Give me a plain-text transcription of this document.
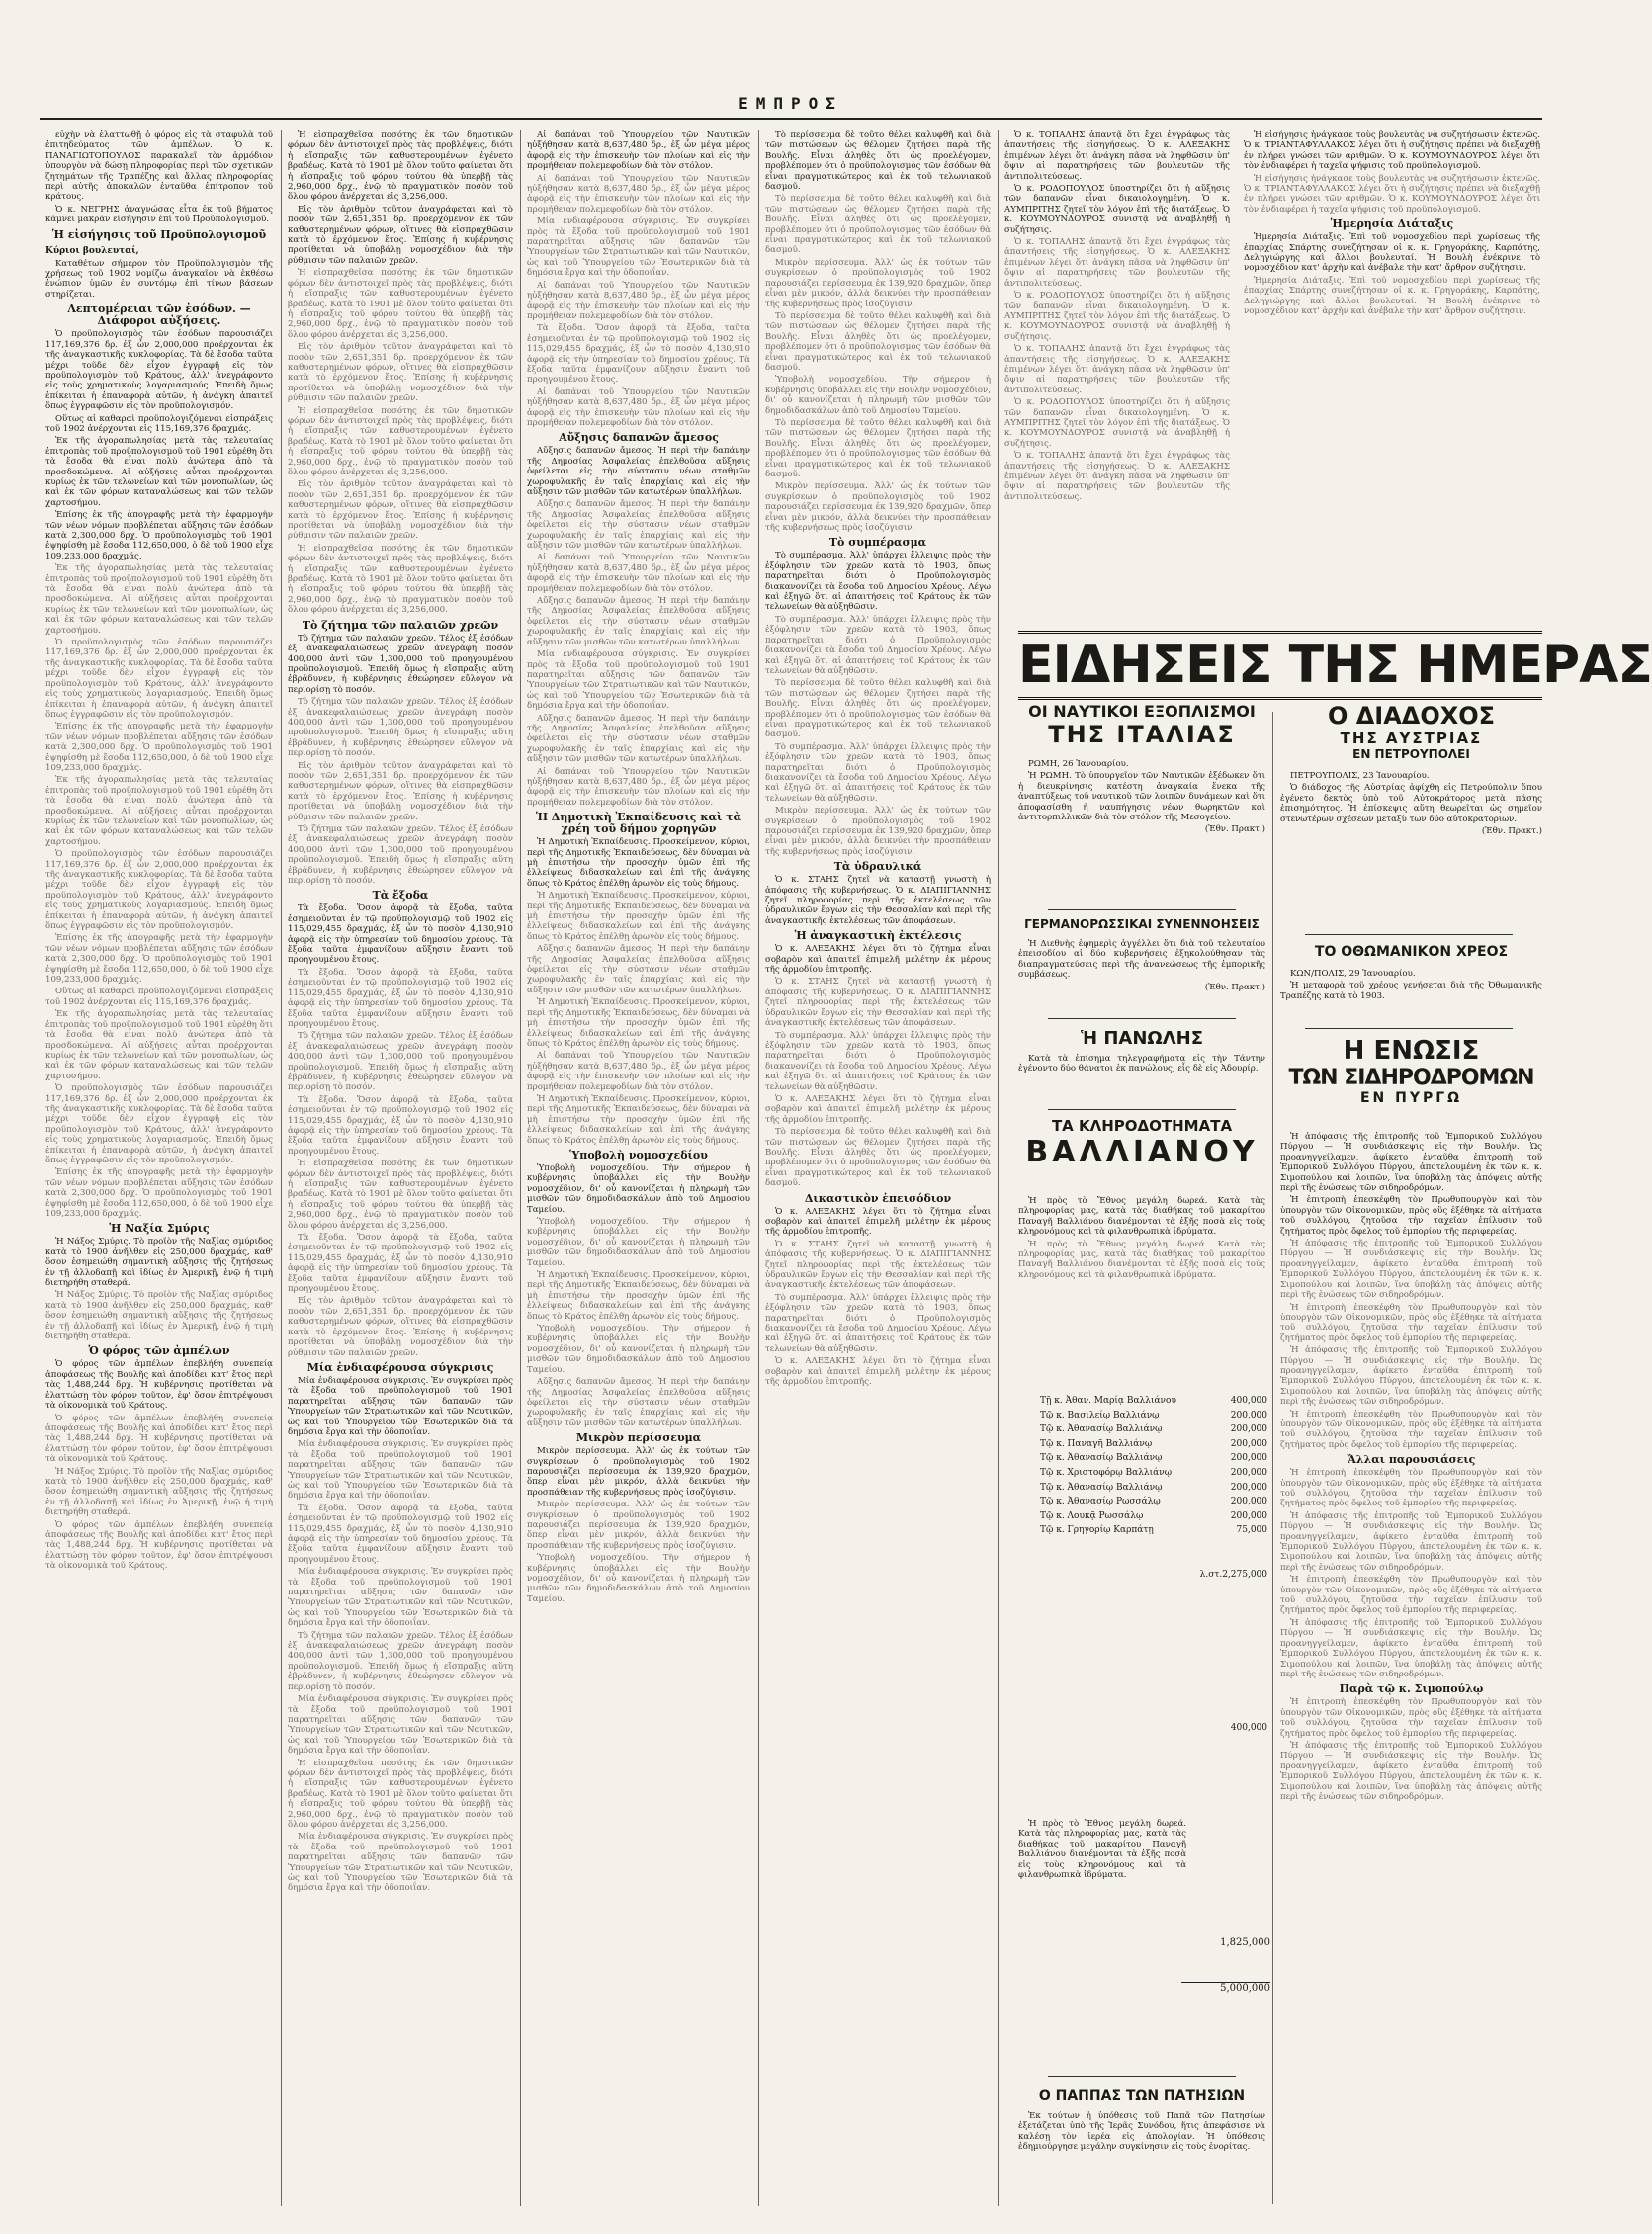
ΕΜΠΡΟΣ

εὐχὴν νὰ ἐλαττωθῇ ὁ φόρος εἰς τὰ σταφυλὰ τοῦ ἐπιτηδεύματος τῶν ἀμπέλων. Ὁ κ. ΠΑΝΑΓΙΩΤΟΠΟΥΛΟΣ παρακαλεῖ τὸν ἁρμόδιον ὑπουργὸν νὰ δώσῃ πληροφορίας περὶ τῶν σχετικῶν ζητημάτων τῆς Τραπέζης καὶ ἄλλας πληροφορίας περὶ αὐτῆς ἀποκαλῶν ἐνταῦθα ἐπίτροπον τοῦ κράτους.

Ὁ κ. ΝΕΓΡΗΣ ἀναγνώσας εἶτα ἐκ τοῦ βήματος κάμνει μακρὰν εἰσήγησιν ἐπὶ τοῦ Προϋπολογισμοῦ.

Ἡ εἰσήγησις τοῦ Προϋπολογισμοῦ
Κύριοι βουλευταί,

Καταθέτων σήμερον τὸν Προϋπολογισμὸν τῆς χρήσεως τοῦ 1902 νομίζω ἀναγκαῖον νὰ ἐκθέσω ἐνώπιον ὑμῶν ἐν συντόμῳ ἐπὶ τίνων βάσεων στηρίζεται.

Λεπτομέρειαι τῶν ἐσόδων. — Διάφοροι αὐξήσεις.

Ὁ προϋπολογισμὸς τῶν ἐσόδων παρουσιάζει 117,169,376 δρ. ἐξ ὧν 2,000,000 προέρχονται ἐκ τῆς ἀναγκαστικῆς κυκλοφορίας. Τὰ δὲ ἔσοδα ταῦτα μέχρι τοῦδε δὲν εἶχον ἐγγραφῆ εἰς τὸν προϋπολογισμὸν τοῦ Κράτους, ἀλλ' ἀνεγράφοντο εἰς τοὺς χρηματικοὺς λογαριασμούς. Ἐπειδὴ ὅμως ἐπίκειται ἡ ἐπαναφορὰ αὐτῶν, ἡ ἀνάγκη ἀπαιτεῖ ὅπως ἐγγραφῶσιν εἰς τὸν προϋπολογισμόν.

Οὕτως αἱ καθαραὶ προϋπολογιζόμεναι εἰσπράξεις τοῦ 1902 ἀνέρχονται εἰς 115,169,376 δραχμάς.

Ἐκ τῆς ἀγοραπωλησίας μετὰ τὰς τελευταίας ἐπιτροπὰς τοῦ προϋπολογισμοῦ τοῦ 1901 εὑρέθη ὅτι τὰ ἔσοδα θὰ εἶναι πολὺ ἀνώτερα ἀπὸ τὰ προσδοκώμενα. Αἱ αὐξήσεις αὗται προέρχονται κυρίως ἐκ τῶν τελωνείων καὶ τῶν μονοπωλίων, ὡς καὶ ἐκ τῶν φόρων καταναλώσεως καὶ τῶν τελῶν χαρτοσήμου.

Ἐπίσης ἐκ τῆς ἀπογραφῆς μετὰ τὴν ἐφαρμογὴν τῶν νέων νόμων προβλέπεται αὔξησις τῶν ἐσόδων κατὰ 2,300,000 δρχ. Ὁ προϋπολογισμὸς τοῦ 1901 ἐψηφίσθη μὲ ἔσοδα 112,650,000, ὁ δὲ τοῦ 1900 εἶχε 109,233,000 δραχμάς.

Ἐκ τῆς ἀγοραπωλησίας μετὰ τὰς τελευταίας ἐπιτροπὰς τοῦ προϋπολογισμοῦ τοῦ 1901 εὑρέθη ὅτι τὰ ἔσοδα θὰ εἶναι πολὺ ἀνώτερα ἀπὸ τὰ προσδοκώμενα. Αἱ αὐξήσεις αὗται προέρχονται κυρίως ἐκ τῶν τελωνείων καὶ τῶν μονοπωλίων, ὡς καὶ ἐκ τῶν φόρων καταναλώσεως καὶ τῶν τελῶν χαρτοσήμου.

Ὁ προϋπολογισμὸς τῶν ἐσόδων παρουσιάζει 117,169,376 δρ. ἐξ ὧν 2,000,000 προέρχονται ἐκ τῆς ἀναγκαστικῆς κυκλοφορίας. Τὰ δὲ ἔσοδα ταῦτα μέχρι τοῦδε δὲν εἶχον ἐγγραφῆ εἰς τὸν προϋπολογισμὸν τοῦ Κράτους, ἀλλ' ἀνεγράφοντο εἰς τοὺς χρηματικοὺς λογαριασμούς. Ἐπειδὴ ὅμως ἐπίκειται ἡ ἐπαναφορὰ αὐτῶν, ἡ ἀνάγκη ἀπαιτεῖ ὅπως ἐγγραφῶσιν εἰς τὸν προϋπολογισμόν.

Ἐπίσης ἐκ τῆς ἀπογραφῆς μετὰ τὴν ἐφαρμογὴν τῶν νέων νόμων προβλέπεται αὔξησις τῶν ἐσόδων κατὰ 2,300,000 δρχ. Ὁ προϋπολογισμὸς τοῦ 1901 ἐψηφίσθη μὲ ἔσοδα 112,650,000, ὁ δὲ τοῦ 1900 εἶχε 109,233,000 δραχμάς.

Ἐκ τῆς ἀγοραπωλησίας μετὰ τὰς τελευταίας ἐπιτροπὰς τοῦ προϋπολογισμοῦ τοῦ 1901 εὑρέθη ὅτι τὰ ἔσοδα θὰ εἶναι πολὺ ἀνώτερα ἀπὸ τὰ προσδοκώμενα. Αἱ αὐξήσεις αὗται προέρχονται κυρίως ἐκ τῶν τελωνείων καὶ τῶν μονοπωλίων, ὡς καὶ ἐκ τῶν φόρων καταναλώσεως καὶ τῶν τελῶν χαρτοσήμου.

Ὁ προϋπολογισμὸς τῶν ἐσόδων παρουσιάζει 117,169,376 δρ. ἐξ ὧν 2,000,000 προέρχονται ἐκ τῆς ἀναγκαστικῆς κυκλοφορίας. Τὰ δὲ ἔσοδα ταῦτα μέχρι τοῦδε δὲν εἶχον ἐγγραφῆ εἰς τὸν προϋπολογισμὸν τοῦ Κράτους, ἀλλ' ἀνεγράφοντο εἰς τοὺς χρηματικοὺς λογαριασμούς. Ἐπειδὴ ὅμως ἐπίκειται ἡ ἐπαναφορὰ αὐτῶν, ἡ ἀνάγκη ἀπαιτεῖ ὅπως ἐγγραφῶσιν εἰς τὸν προϋπολογισμόν.

Ἐπίσης ἐκ τῆς ἀπογραφῆς μετὰ τὴν ἐφαρμογὴν τῶν νέων νόμων προβλέπεται αὔξησις τῶν ἐσόδων κατὰ 2,300,000 δρχ. Ὁ προϋπολογισμὸς τοῦ 1901 ἐψηφίσθη μὲ ἔσοδα 112,650,000, ὁ δὲ τοῦ 1900 εἶχε 109,233,000 δραχμάς.

Οὕτως αἱ καθαραὶ προϋπολογιζόμεναι εἰσπράξεις τοῦ 1902 ἀνέρχονται εἰς 115,169,376 δραχμάς.

Ἐκ τῆς ἀγοραπωλησίας μετὰ τὰς τελευταίας ἐπιτροπὰς τοῦ προϋπολογισμοῦ τοῦ 1901 εὑρέθη ὅτι τὰ ἔσοδα θὰ εἶναι πολὺ ἀνώτερα ἀπὸ τὰ προσδοκώμενα. Αἱ αὐξήσεις αὗται προέρχονται κυρίως ἐκ τῶν τελωνείων καὶ τῶν μονοπωλίων, ὡς καὶ ἐκ τῶν φόρων καταναλώσεως καὶ τῶν τελῶν χαρτοσήμου.

Ὁ προϋπολογισμὸς τῶν ἐσόδων παρουσιάζει 117,169,376 δρ. ἐξ ὧν 2,000,000 προέρχονται ἐκ τῆς ἀναγκαστικῆς κυκλοφορίας. Τὰ δὲ ἔσοδα ταῦτα μέχρι τοῦδε δὲν εἶχον ἐγγραφῆ εἰς τὸν προϋπολογισμὸν τοῦ Κράτους, ἀλλ' ἀνεγράφοντο εἰς τοὺς χρηματικοὺς λογαριασμούς. Ἐπειδὴ ὅμως ἐπίκειται ἡ ἐπαναφορὰ αὐτῶν, ἡ ἀνάγκη ἀπαιτεῖ ὅπως ἐγγραφῶσιν εἰς τὸν προϋπολογισμόν.

Ἐπίσης ἐκ τῆς ἀπογραφῆς μετὰ τὴν ἐφαρμογὴν τῶν νέων νόμων προβλέπεται αὔξησις τῶν ἐσόδων κατὰ 2,300,000 δρχ. Ὁ προϋπολογισμὸς τοῦ 1901 ἐψηφίσθη μὲ ἔσοδα 112,650,000, ὁ δὲ τοῦ 1900 εἶχε 109,233,000 δραχμάς.

Ἡ Ναξία Σμύρις

Ἡ Νάξος Σμύρις. Τὸ προϊὸν τῆς Ναξίας σμύριδος κατὰ τὸ 1900 ἀνῆλθεν εἰς 250,000 δραχμάς, καθ' ὅσον ἐσημειώθη σημαντικὴ αὔξησις τῆς ζητήσεως ἐν τῇ ἀλλοδαπῇ καὶ ἰδίως ἐν Ἀμερικῇ, ἐνῷ ἡ τιμὴ διετηρήθη σταθερά.

Ἡ Νάξος Σμύρις. Τὸ προϊὸν τῆς Ναξίας σμύριδος κατὰ τὸ 1900 ἀνῆλθεν εἰς 250,000 δραχμάς, καθ' ὅσον ἐσημειώθη σημαντικὴ αὔξησις τῆς ζητήσεως ἐν τῇ ἀλλοδαπῇ καὶ ἰδίως ἐν Ἀμερικῇ, ἐνῷ ἡ τιμὴ διετηρήθη σταθερά.

Ὁ φόρος τῶν ἀμπέλων

Ὁ φόρος τῶν ἀμπέλων ἐπεβλήθη συνεπείᾳ ἀποφάσεως τῆς Βουλῆς καὶ ἀποδίδει κατ' ἔτος περὶ τὰς 1,488,244 δρχ. Ἡ κυβέρνησις προτίθεται νὰ ἐλαττώσῃ τὸν φόρον τοῦτον, ἐφ' ὅσον ἐπιτρέψουσι τὰ οἰκονομικὰ τοῦ Κράτους.

Ὁ φόρος τῶν ἀμπέλων ἐπεβλήθη συνεπείᾳ ἀποφάσεως τῆς Βουλῆς καὶ ἀποδίδει κατ' ἔτος περὶ τὰς 1,488,244 δρχ. Ἡ κυβέρνησις προτίθεται νὰ ἐλαττώσῃ τὸν φόρον τοῦτον, ἐφ' ὅσον ἐπιτρέψουσι τὰ οἰκονομικὰ τοῦ Κράτους.

Ἡ Νάξος Σμύρις. Τὸ προϊὸν τῆς Ναξίας σμύριδος κατὰ τὸ 1900 ἀνῆλθεν εἰς 250,000 δραχμάς, καθ' ὅσον ἐσημειώθη σημαντικὴ αὔξησις τῆς ζητήσεως ἐν τῇ ἀλλοδαπῇ καὶ ἰδίως ἐν Ἀμερικῇ, ἐνῷ ἡ τιμὴ διετηρήθη σταθερά.

Ὁ φόρος τῶν ἀμπέλων ἐπεβλήθη συνεπείᾳ ἀποφάσεως τῆς Βουλῆς καὶ ἀποδίδει κατ' ἔτος περὶ τὰς 1,488,244 δρχ. Ἡ κυβέρνησις προτίθεται νὰ ἐλαττώσῃ τὸν φόρον τοῦτον, ἐφ' ὅσον ἐπιτρέψουσι τὰ οἰκονομικὰ τοῦ Κράτους.

Ἡ εἰσπραχθεῖσα ποσότης ἐκ τῶν δημοτικῶν φόρων δὲν ἀντιστοιχεῖ πρὸς τὰς προβλέψεις, διότι ἡ εἴσπραξις τῶν καθυστερουμένων ἐγένετο βραδέως. Κατὰ τὸ 1901 μὲ ὅλον τοῦτο φαίνεται ὅτι ἡ εἴσπραξις τοῦ φόρου τούτου θὰ ὑπερβῇ τὰς 2,960,000 δρχ., ἐνῷ τὸ πραγματικὸν ποσὸν τοῦ ὅλου φόρου ἀνέρχεται εἰς 3,256,000.

Εἰς τὸν ἀριθμὸν τοῦτον ἀναγράφεται καὶ τὸ ποσὸν τῶν 2,651,351 δρ. προερχόμενον ἐκ τῶν καθυστερημένων φόρων, οἵτινες θὰ εἰσπραχθῶσιν κατὰ τὸ ἐρχόμενον ἔτος. Ἐπίσης ἡ κυβέρνησις προτίθεται νὰ ὑποβάλῃ νομοσχέδιον διὰ τὴν ρύθμισιν τῶν παλαιῶν χρεῶν.

Ἡ εἰσπραχθεῖσα ποσότης ἐκ τῶν δημοτικῶν φόρων δὲν ἀντιστοιχεῖ πρὸς τὰς προβλέψεις, διότι ἡ εἴσπραξις τῶν καθυστερουμένων ἐγένετο βραδέως. Κατὰ τὸ 1901 μὲ ὅλον τοῦτο φαίνεται ὅτι ἡ εἴσπραξις τοῦ φόρου τούτου θὰ ὑπερβῇ τὰς 2,960,000 δρχ., ἐνῷ τὸ πραγματικὸν ποσὸν τοῦ ὅλου φόρου ἀνέρχεται εἰς 3,256,000.

Εἰς τὸν ἀριθμὸν τοῦτον ἀναγράφεται καὶ τὸ ποσὸν τῶν 2,651,351 δρ. προερχόμενον ἐκ τῶν καθυστερημένων φόρων, οἵτινες θὰ εἰσπραχθῶσιν κατὰ τὸ ἐρχόμενον ἔτος. Ἐπίσης ἡ κυβέρνησις προτίθεται νὰ ὑποβάλῃ νομοσχέδιον διὰ τὴν ρύθμισιν τῶν παλαιῶν χρεῶν.

Ἡ εἰσπραχθεῖσα ποσότης ἐκ τῶν δημοτικῶν φόρων δὲν ἀντιστοιχεῖ πρὸς τὰς προβλέψεις, διότι ἡ εἴσπραξις τῶν καθυστερουμένων ἐγένετο βραδέως. Κατὰ τὸ 1901 μὲ ὅλον τοῦτο φαίνεται ὅτι ἡ εἴσπραξις τοῦ φόρου τούτου θὰ ὑπερβῇ τὰς 2,960,000 δρχ., ἐνῷ τὸ πραγματικὸν ποσὸν τοῦ ὅλου φόρου ἀνέρχεται εἰς 3,256,000.

Εἰς τὸν ἀριθμὸν τοῦτον ἀναγράφεται καὶ τὸ ποσὸν τῶν 2,651,351 δρ. προερχόμενον ἐκ τῶν καθυστερημένων φόρων, οἵτινες θὰ εἰσπραχθῶσιν κατὰ τὸ ἐρχόμενον ἔτος. Ἐπίσης ἡ κυβέρνησις προτίθεται νὰ ὑποβάλῃ νομοσχέδιον διὰ τὴν ρύθμισιν τῶν παλαιῶν χρεῶν.

Ἡ εἰσπραχθεῖσα ποσότης ἐκ τῶν δημοτικῶν φόρων δὲν ἀντιστοιχεῖ πρὸς τὰς προβλέψεις, διότι ἡ εἴσπραξις τῶν καθυστερουμένων ἐγένετο βραδέως. Κατὰ τὸ 1901 μὲ ὅλον τοῦτο φαίνεται ὅτι ἡ εἴσπραξις τοῦ φόρου τούτου θὰ ὑπερβῇ τὰς 2,960,000 δρχ., ἐνῷ τὸ πραγματικὸν ποσὸν τοῦ ὅλου φόρου ἀνέρχεται εἰς 3,256,000.

Τὸ ζήτημα τῶν παλαιῶν χρεῶν

Τὸ ζήτημα τῶν παλαιῶν χρεῶν. Τέλος ἐξ ἐσόδων ἐξ ἀνακεφαλαιώσεως χρεῶν ἀνεγράφη ποσὸν 400,000 ἀντὶ τῶν 1,300,000 τοῦ προηγουμένου προϋπολογισμοῦ. Ἐπειδὴ ὅμως ἡ εἴσπραξις αὕτη ἐβράδυνεν, ἡ κυβέρνησις ἐθεώρησεν εὔλογον νὰ περιορίσῃ τὸ ποσόν.

Τὸ ζήτημα τῶν παλαιῶν χρεῶν. Τέλος ἐξ ἐσόδων ἐξ ἀνακεφαλαιώσεως χρεῶν ἀνεγράφη ποσὸν 400,000 ἀντὶ τῶν 1,300,000 τοῦ προηγουμένου προϋπολογισμοῦ. Ἐπειδὴ ὅμως ἡ εἴσπραξις αὕτη ἐβράδυνεν, ἡ κυβέρνησις ἐθεώρησεν εὔλογον νὰ περιορίσῃ τὸ ποσόν.

Εἰς τὸν ἀριθμὸν τοῦτον ἀναγράφεται καὶ τὸ ποσὸν τῶν 2,651,351 δρ. προερχόμενον ἐκ τῶν καθυστερημένων φόρων, οἵτινες θὰ εἰσπραχθῶσιν κατὰ τὸ ἐρχόμενον ἔτος. Ἐπίσης ἡ κυβέρνησις προτίθεται νὰ ὑποβάλῃ νομοσχέδιον διὰ τὴν ρύθμισιν τῶν παλαιῶν χρεῶν.

Τὸ ζήτημα τῶν παλαιῶν χρεῶν. Τέλος ἐξ ἐσόδων ἐξ ἀνακεφαλαιώσεως χρεῶν ἀνεγράφη ποσὸν 400,000 ἀντὶ τῶν 1,300,000 τοῦ προηγουμένου προϋπολογισμοῦ. Ἐπειδὴ ὅμως ἡ εἴσπραξις αὕτη ἐβράδυνεν, ἡ κυβέρνησις ἐθεώρησεν εὔλογον νὰ περιορίσῃ τὸ ποσόν.

Τὰ ἔξοδα

Τὰ ἔξοδα. Ὅσον ἀφορᾷ τὰ ἔξοδα, ταῦτα ἐσημειοῦνται ἐν τῷ προϋπολογισμῷ τοῦ 1902 εἰς 115,029,455 δραχμάς, ἐξ ὧν τὸ ποσὸν 4,130,910 ἀφορᾷ εἰς τὴν ὑπηρεσίαν τοῦ δημοσίου χρέους. Τὰ ἔξοδα ταῦτα ἐμφανίζουν αὔξησιν ἔναντι τοῦ προηγουμένου ἔτους.

Τὰ ἔξοδα. Ὅσον ἀφορᾷ τὰ ἔξοδα, ταῦτα ἐσημειοῦνται ἐν τῷ προϋπολογισμῷ τοῦ 1902 εἰς 115,029,455 δραχμάς, ἐξ ὧν τὸ ποσὸν 4,130,910 ἀφορᾷ εἰς τὴν ὑπηρεσίαν τοῦ δημοσίου χρέους. Τὰ ἔξοδα ταῦτα ἐμφανίζουν αὔξησιν ἔναντι τοῦ προηγουμένου ἔτους.

Τὸ ζήτημα τῶν παλαιῶν χρεῶν. Τέλος ἐξ ἐσόδων ἐξ ἀνακεφαλαιώσεως χρεῶν ἀνεγράφη ποσὸν 400,000 ἀντὶ τῶν 1,300,000 τοῦ προηγουμένου προϋπολογισμοῦ. Ἐπειδὴ ὅμως ἡ εἴσπραξις αὕτη ἐβράδυνεν, ἡ κυβέρνησις ἐθεώρησεν εὔλογον νὰ περιορίσῃ τὸ ποσόν.

Τὰ ἔξοδα. Ὅσον ἀφορᾷ τὰ ἔξοδα, ταῦτα ἐσημειοῦνται ἐν τῷ προϋπολογισμῷ τοῦ 1902 εἰς 115,029,455 δραχμάς, ἐξ ὧν τὸ ποσὸν 4,130,910 ἀφορᾷ εἰς τὴν ὑπηρεσίαν τοῦ δημοσίου χρέους. Τὰ ἔξοδα ταῦτα ἐμφανίζουν αὔξησιν ἔναντι τοῦ προηγουμένου ἔτους.

Ἡ εἰσπραχθεῖσα ποσότης ἐκ τῶν δημοτικῶν φόρων δὲν ἀντιστοιχεῖ πρὸς τὰς προβλέψεις, διότι ἡ εἴσπραξις τῶν καθυστερουμένων ἐγένετο βραδέως. Κατὰ τὸ 1901 μὲ ὅλον τοῦτο φαίνεται ὅτι ἡ εἴσπραξις τοῦ φόρου τούτου θὰ ὑπερβῇ τὰς 2,960,000 δρχ., ἐνῷ τὸ πραγματικὸν ποσὸν τοῦ ὅλου φόρου ἀνέρχεται εἰς 3,256,000.

Τὰ ἔξοδα. Ὅσον ἀφορᾷ τὰ ἔξοδα, ταῦτα ἐσημειοῦνται ἐν τῷ προϋπολογισμῷ τοῦ 1902 εἰς 115,029,455 δραχμάς, ἐξ ὧν τὸ ποσὸν 4,130,910 ἀφορᾷ εἰς τὴν ὑπηρεσίαν τοῦ δημοσίου χρέους. Τὰ ἔξοδα ταῦτα ἐμφανίζουν αὔξησιν ἔναντι τοῦ προηγουμένου ἔτους.

Εἰς τὸν ἀριθμὸν τοῦτον ἀναγράφεται καὶ τὸ ποσὸν τῶν 2,651,351 δρ. προερχόμενον ἐκ τῶν καθυστερημένων φόρων, οἵτινες θὰ εἰσπραχθῶσιν κατὰ τὸ ἐρχόμενον ἔτος. Ἐπίσης ἡ κυβέρνησις προτίθεται νὰ ὑποβάλῃ νομοσχέδιον διὰ τὴν ρύθμισιν τῶν παλαιῶν χρεῶν.

Μία ἐνδιαφέρουσα σύγκρισις

Μία ἐνδιαφέρουσα σύγκρισις. Ἐν συγκρίσει πρὸς τὰ ἔξοδα τοῦ προϋπολογισμοῦ τοῦ 1901 παρατηρεῖται αὔξησις τῶν δαπανῶν τῶν Ὑπουργείων τῶν Στρατιωτικῶν καὶ τῶν Ναυτικῶν, ὡς καὶ τοῦ Ὑπουργείου τῶν Ἐσωτερικῶν διὰ τὰ δημόσια ἔργα καὶ τὴν ὁδοποιΐαν.

Μία ἐνδιαφέρουσα σύγκρισις. Ἐν συγκρίσει πρὸς τὰ ἔξοδα τοῦ προϋπολογισμοῦ τοῦ 1901 παρατηρεῖται αὔξησις τῶν δαπανῶν τῶν Ὑπουργείων τῶν Στρατιωτικῶν καὶ τῶν Ναυτικῶν, ὡς καὶ τοῦ Ὑπουργείου τῶν Ἐσωτερικῶν διὰ τὰ δημόσια ἔργα καὶ τὴν ὁδοποιΐαν.

Τὰ ἔξοδα. Ὅσον ἀφορᾷ τὰ ἔξοδα, ταῦτα ἐσημειοῦνται ἐν τῷ προϋπολογισμῷ τοῦ 1902 εἰς 115,029,455 δραχμάς, ἐξ ὧν τὸ ποσὸν 4,130,910 ἀφορᾷ εἰς τὴν ὑπηρεσίαν τοῦ δημοσίου χρέους. Τὰ ἔξοδα ταῦτα ἐμφανίζουν αὔξησιν ἔναντι τοῦ προηγουμένου ἔτους.

Μία ἐνδιαφέρουσα σύγκρισις. Ἐν συγκρίσει πρὸς τὰ ἔξοδα τοῦ προϋπολογισμοῦ τοῦ 1901 παρατηρεῖται αὔξησις τῶν δαπανῶν τῶν Ὑπουργείων τῶν Στρατιωτικῶν καὶ τῶν Ναυτικῶν, ὡς καὶ τοῦ Ὑπουργείου τῶν Ἐσωτερικῶν διὰ τὰ δημόσια ἔργα καὶ τὴν ὁδοποιΐαν.

Τὸ ζήτημα τῶν παλαιῶν χρεῶν. Τέλος ἐξ ἐσόδων ἐξ ἀνακεφαλαιώσεως χρεῶν ἀνεγράφη ποσὸν 400,000 ἀντὶ τῶν 1,300,000 τοῦ προηγουμένου προϋπολογισμοῦ. Ἐπειδὴ ὅμως ἡ εἴσπραξις αὕτη ἐβράδυνεν, ἡ κυβέρνησις ἐθεώρησεν εὔλογον νὰ περιορίσῃ τὸ ποσόν.

Μία ἐνδιαφέρουσα σύγκρισις. Ἐν συγκρίσει πρὸς τὰ ἔξοδα τοῦ προϋπολογισμοῦ τοῦ 1901 παρατηρεῖται αὔξησις τῶν δαπανῶν τῶν Ὑπουργείων τῶν Στρατιωτικῶν καὶ τῶν Ναυτικῶν, ὡς καὶ τοῦ Ὑπουργείου τῶν Ἐσωτερικῶν διὰ τὰ δημόσια ἔργα καὶ τὴν ὁδοποιΐαν.

Ἡ εἰσπραχθεῖσα ποσότης ἐκ τῶν δημοτικῶν φόρων δὲν ἀντιστοιχεῖ πρὸς τὰς προβλέψεις, διότι ἡ εἴσπραξις τῶν καθυστερουμένων ἐγένετο βραδέως. Κατὰ τὸ 1901 μὲ ὅλον τοῦτο φαίνεται ὅτι ἡ εἴσπραξις τοῦ φόρου τούτου θὰ ὑπερβῇ τὰς 2,960,000 δρχ., ἐνῷ τὸ πραγματικὸν ποσὸν τοῦ ὅλου φόρου ἀνέρχεται εἰς 3,256,000.

Μία ἐνδιαφέρουσα σύγκρισις. Ἐν συγκρίσει πρὸς τὰ ἔξοδα τοῦ προϋπολογισμοῦ τοῦ 1901 παρατηρεῖται αὔξησις τῶν δαπανῶν τῶν Ὑπουργείων τῶν Στρατιωτικῶν καὶ τῶν Ναυτικῶν, ὡς καὶ τοῦ Ὑπουργείου τῶν Ἐσωτερικῶν διὰ τὰ δημόσια ἔργα καὶ τὴν ὁδοποιΐαν.

Αἱ δαπάναι τοῦ Ὑπουργείου τῶν Ναυτικῶν ηὐξήθησαν κατὰ 8,637,480 δρ., ἐξ ὧν μέγα μέρος ἀφορᾷ εἰς τὴν ἐπισκευὴν τῶν πλοίων καὶ εἰς τὴν προμήθειαν πολεμεφοδίων διὰ τὸν στόλον.

Αἱ δαπάναι τοῦ Ὑπουργείου τῶν Ναυτικῶν ηὐξήθησαν κατὰ 8,637,480 δρ., ἐξ ὧν μέγα μέρος ἀφορᾷ εἰς τὴν ἐπισκευὴν τῶν πλοίων καὶ εἰς τὴν προμήθειαν πολεμεφοδίων διὰ τὸν στόλον.

Μία ἐνδιαφέρουσα σύγκρισις. Ἐν συγκρίσει πρὸς τὰ ἔξοδα τοῦ προϋπολογισμοῦ τοῦ 1901 παρατηρεῖται αὔξησις τῶν δαπανῶν τῶν Ὑπουργείων τῶν Στρατιωτικῶν καὶ τῶν Ναυτικῶν, ὡς καὶ τοῦ Ὑπουργείου τῶν Ἐσωτερικῶν διὰ τὰ δημόσια ἔργα καὶ τὴν ὁδοποιΐαν.

Αἱ δαπάναι τοῦ Ὑπουργείου τῶν Ναυτικῶν ηὐξήθησαν κατὰ 8,637,480 δρ., ἐξ ὧν μέγα μέρος ἀφορᾷ εἰς τὴν ἐπισκευὴν τῶν πλοίων καὶ εἰς τὴν προμήθειαν πολεμεφοδίων διὰ τὸν στόλον.

Τὰ ἔξοδα. Ὅσον ἀφορᾷ τὰ ἔξοδα, ταῦτα ἐσημειοῦνται ἐν τῷ προϋπολογισμῷ τοῦ 1902 εἰς 115,029,455 δραχμάς, ἐξ ὧν τὸ ποσὸν 4,130,910 ἀφορᾷ εἰς τὴν ὑπηρεσίαν τοῦ δημοσίου χρέους. Τὰ ἔξοδα ταῦτα ἐμφανίζουν αὔξησιν ἔναντι τοῦ προηγουμένου ἔτους.

Αἱ δαπάναι τοῦ Ὑπουργείου τῶν Ναυτικῶν ηὐξήθησαν κατὰ 8,637,480 δρ., ἐξ ὧν μέγα μέρος ἀφορᾷ εἰς τὴν ἐπισκευὴν τῶν πλοίων καὶ εἰς τὴν προμήθειαν πολεμεφοδίων διὰ τὸν στόλον.

Αὔξησις δαπανῶν ἄμεσος

Αὔξησις δαπανῶν ἄμεσος. Ἡ περὶ τὴν δαπάνην τῆς Δημοσίας Ἀσφαλείας ἐπελθοῦσα αὔξησις ὀφείλεται εἰς τὴν σύστασιν νέων σταθμῶν χωροφυλακῆς ἐν ταῖς ἐπαρχίαις καὶ εἰς τὴν αὔξησιν τῶν μισθῶν τῶν κατωτέρων ὑπαλλήλων.

Αὔξησις δαπανῶν ἄμεσος. Ἡ περὶ τὴν δαπάνην τῆς Δημοσίας Ἀσφαλείας ἐπελθοῦσα αὔξησις ὀφείλεται εἰς τὴν σύστασιν νέων σταθμῶν χωροφυλακῆς ἐν ταῖς ἐπαρχίαις καὶ εἰς τὴν αὔξησιν τῶν μισθῶν τῶν κατωτέρων ὑπαλλήλων.

Αἱ δαπάναι τοῦ Ὑπουργείου τῶν Ναυτικῶν ηὐξήθησαν κατὰ 8,637,480 δρ., ἐξ ὧν μέγα μέρος ἀφορᾷ εἰς τὴν ἐπισκευὴν τῶν πλοίων καὶ εἰς τὴν προμήθειαν πολεμεφοδίων διὰ τὸν στόλον.

Αὔξησις δαπανῶν ἄμεσος. Ἡ περὶ τὴν δαπάνην τῆς Δημοσίας Ἀσφαλείας ἐπελθοῦσα αὔξησις ὀφείλεται εἰς τὴν σύστασιν νέων σταθμῶν χωροφυλακῆς ἐν ταῖς ἐπαρχίαις καὶ εἰς τὴν αὔξησιν τῶν μισθῶν τῶν κατωτέρων ὑπαλλήλων.

Μία ἐνδιαφέρουσα σύγκρισις. Ἐν συγκρίσει πρὸς τὰ ἔξοδα τοῦ προϋπολογισμοῦ τοῦ 1901 παρατηρεῖται αὔξησις τῶν δαπανῶν τῶν Ὑπουργείων τῶν Στρατιωτικῶν καὶ τῶν Ναυτικῶν, ὡς καὶ τοῦ Ὑπουργείου τῶν Ἐσωτερικῶν διὰ τὰ δημόσια ἔργα καὶ τὴν ὁδοποιΐαν.

Αὔξησις δαπανῶν ἄμεσος. Ἡ περὶ τὴν δαπάνην τῆς Δημοσίας Ἀσφαλείας ἐπελθοῦσα αὔξησις ὀφείλεται εἰς τὴν σύστασιν νέων σταθμῶν χωροφυλακῆς ἐν ταῖς ἐπαρχίαις καὶ εἰς τὴν αὔξησιν τῶν μισθῶν τῶν κατωτέρων ὑπαλλήλων.

Αἱ δαπάναι τοῦ Ὑπουργείου τῶν Ναυτικῶν ηὐξήθησαν κατὰ 8,637,480 δρ., ἐξ ὧν μέγα μέρος ἀφορᾷ εἰς τὴν ἐπισκευὴν τῶν πλοίων καὶ εἰς τὴν προμήθειαν πολεμεφοδίων διὰ τὸν στόλον.

Ἡ Δημοτικὴ Ἐκπαίδευσις καὶ τὰ χρέη τοῦ δήμου χορηγῶν

Ἡ Δημοτικὴ Ἐκπαίδευσις. Προσκείμενον, κύριοι, περὶ τῆς Δημοτικῆς Ἐκπαιδεύσεως, δὲν δύναμαι νὰ μὴ ἐπιστήσω τὴν προσοχὴν ὑμῶν ἐπὶ τῆς ἐλλείψεως διδασκαλείων καὶ ἐπὶ τῆς ἀνάγκης ὅπως τὸ Κράτος ἐπέλθῃ ἀρωγὸν εἰς τοὺς δήμους.

Ἡ Δημοτικὴ Ἐκπαίδευσις. Προσκείμενον, κύριοι, περὶ τῆς Δημοτικῆς Ἐκπαιδεύσεως, δὲν δύναμαι νὰ μὴ ἐπιστήσω τὴν προσοχὴν ὑμῶν ἐπὶ τῆς ἐλλείψεως διδασκαλείων καὶ ἐπὶ τῆς ἀνάγκης ὅπως τὸ Κράτος ἐπέλθῃ ἀρωγὸν εἰς τοὺς δήμους.

Αὔξησις δαπανῶν ἄμεσος. Ἡ περὶ τὴν δαπάνην τῆς Δημοσίας Ἀσφαλείας ἐπελθοῦσα αὔξησις ὀφείλεται εἰς τὴν σύστασιν νέων σταθμῶν χωροφυλακῆς ἐν ταῖς ἐπαρχίαις καὶ εἰς τὴν αὔξησιν τῶν μισθῶν τῶν κατωτέρων ὑπαλλήλων.

Ἡ Δημοτικὴ Ἐκπαίδευσις. Προσκείμενον, κύριοι, περὶ τῆς Δημοτικῆς Ἐκπαιδεύσεως, δὲν δύναμαι νὰ μὴ ἐπιστήσω τὴν προσοχὴν ὑμῶν ἐπὶ τῆς ἐλλείψεως διδασκαλείων καὶ ἐπὶ τῆς ἀνάγκης ὅπως τὸ Κράτος ἐπέλθῃ ἀρωγὸν εἰς τοὺς δήμους.

Αἱ δαπάναι τοῦ Ὑπουργείου τῶν Ναυτικῶν ηὐξήθησαν κατὰ 8,637,480 δρ., ἐξ ὧν μέγα μέρος ἀφορᾷ εἰς τὴν ἐπισκευὴν τῶν πλοίων καὶ εἰς τὴν προμήθειαν πολεμεφοδίων διὰ τὸν στόλον.

Ἡ Δημοτικὴ Ἐκπαίδευσις. Προσκείμενον, κύριοι, περὶ τῆς Δημοτικῆς Ἐκπαιδεύσεως, δὲν δύναμαι νὰ μὴ ἐπιστήσω τὴν προσοχὴν ὑμῶν ἐπὶ τῆς ἐλλείψεως διδασκαλείων καὶ ἐπὶ τῆς ἀνάγκης ὅπως τὸ Κράτος ἐπέλθῃ ἀρωγὸν εἰς τοὺς δήμους.

Ὑποβολὴ νομοσχεδίου

Ὑποβολὴ νομοσχεδίου. Τὴν σήμερον ἡ κυβέρνησις ὑποβάλλει εἰς τὴν Βουλὴν νομοσχέδιον, δι' οὗ κανονίζεται ἡ πληρωμὴ τῶν μισθῶν τῶν δημοδιδασκάλων ἀπὸ τοῦ Δημοσίου Ταμείου.

Ὑποβολὴ νομοσχεδίου. Τὴν σήμερον ἡ κυβέρνησις ὑποβάλλει εἰς τὴν Βουλὴν νομοσχέδιον, δι' οὗ κανονίζεται ἡ πληρωμὴ τῶν μισθῶν τῶν δημοδιδασκάλων ἀπὸ τοῦ Δημοσίου Ταμείου.

Ἡ Δημοτικὴ Ἐκπαίδευσις. Προσκείμενον, κύριοι, περὶ τῆς Δημοτικῆς Ἐκπαιδεύσεως, δὲν δύναμαι νὰ μὴ ἐπιστήσω τὴν προσοχὴν ὑμῶν ἐπὶ τῆς ἐλλείψεως διδασκαλείων καὶ ἐπὶ τῆς ἀνάγκης ὅπως τὸ Κράτος ἐπέλθῃ ἀρωγὸν εἰς τοὺς δήμους.

Ὑποβολὴ νομοσχεδίου. Τὴν σήμερον ἡ κυβέρνησις ὑποβάλλει εἰς τὴν Βουλὴν νομοσχέδιον, δι' οὗ κανονίζεται ἡ πληρωμὴ τῶν μισθῶν τῶν δημοδιδασκάλων ἀπὸ τοῦ Δημοσίου Ταμείου.

Αὔξησις δαπανῶν ἄμεσος. Ἡ περὶ τὴν δαπάνην τῆς Δημοσίας Ἀσφαλείας ἐπελθοῦσα αὔξησις ὀφείλεται εἰς τὴν σύστασιν νέων σταθμῶν χωροφυλακῆς ἐν ταῖς ἐπαρχίαις καὶ εἰς τὴν αὔξησιν τῶν μισθῶν τῶν κατωτέρων ὑπαλλήλων.

Μικρὸν περίσσευμα

Μικρὸν περίσσευμα. Ἀλλ' ὡς ἐκ τούτων τῶν συγκρίσεων ὁ προϋπολογισμὸς τοῦ 1902 παρουσιάζει περίσσευμα ἐκ 139,920 δραχμῶν, ὅπερ εἶναι μὲν μικρόν, ἀλλὰ δεικνύει τὴν προσπάθειαν τῆς κυβερνήσεως πρὸς ἰσοζύγισιν.

Μικρὸν περίσσευμα. Ἀλλ' ὡς ἐκ τούτων τῶν συγκρίσεων ὁ προϋπολογισμὸς τοῦ 1902 παρουσιάζει περίσσευμα ἐκ 139,920 δραχμῶν, ὅπερ εἶναι μὲν μικρόν, ἀλλὰ δεικνύει τὴν προσπάθειαν τῆς κυβερνήσεως πρὸς ἰσοζύγισιν.

Ὑποβολὴ νομοσχεδίου. Τὴν σήμερον ἡ κυβέρνησις ὑποβάλλει εἰς τὴν Βουλὴν νομοσχέδιον, δι' οὗ κανονίζεται ἡ πληρωμὴ τῶν μισθῶν τῶν δημοδιδασκάλων ἀπὸ τοῦ Δημοσίου Ταμείου.

Τὸ περίσσευμα δὲ τοῦτο θέλει καλυφθῆ καὶ διὰ τῶν πιστώσεων ὡς θέλομεν ζητήσει παρὰ τῆς Βουλῆς. Εἶναι ἀληθὲς ὅτι ὡς προελέγομεν, προβλέπομεν ὅτι ὁ προϋπολογισμὸς τῶν ἐσόδων θὰ εἶναι πραγματικώτερος καὶ ἐκ τοῦ τελωνιακοῦ δασμοῦ.

Τὸ περίσσευμα δὲ τοῦτο θέλει καλυφθῆ καὶ διὰ τῶν πιστώσεων ὡς θέλομεν ζητήσει παρὰ τῆς Βουλῆς. Εἶναι ἀληθὲς ὅτι ὡς προελέγομεν, προβλέπομεν ὅτι ὁ προϋπολογισμὸς τῶν ἐσόδων θὰ εἶναι πραγματικώτερος καὶ ἐκ τοῦ τελωνιακοῦ δασμοῦ.

Μικρὸν περίσσευμα. Ἀλλ' ὡς ἐκ τούτων τῶν συγκρίσεων ὁ προϋπολογισμὸς τοῦ 1902 παρουσιάζει περίσσευμα ἐκ 139,920 δραχμῶν, ὅπερ εἶναι μὲν μικρόν, ἀλλὰ δεικνύει τὴν προσπάθειαν τῆς κυβερνήσεως πρὸς ἰσοζύγισιν.

Τὸ περίσσευμα δὲ τοῦτο θέλει καλυφθῆ καὶ διὰ τῶν πιστώσεων ὡς θέλομεν ζητήσει παρὰ τῆς Βουλῆς. Εἶναι ἀληθὲς ὅτι ὡς προελέγομεν, προβλέπομεν ὅτι ὁ προϋπολογισμὸς τῶν ἐσόδων θὰ εἶναι πραγματικώτερος καὶ ἐκ τοῦ τελωνιακοῦ δασμοῦ.

Ὑποβολὴ νομοσχεδίου. Τὴν σήμερον ἡ κυβέρνησις ὑποβάλλει εἰς τὴν Βουλὴν νομοσχέδιον, δι' οὗ κανονίζεται ἡ πληρωμὴ τῶν μισθῶν τῶν δημοδιδασκάλων ἀπὸ τοῦ Δημοσίου Ταμείου.

Τὸ περίσσευμα δὲ τοῦτο θέλει καλυφθῆ καὶ διὰ τῶν πιστώσεων ὡς θέλομεν ζητήσει παρὰ τῆς Βουλῆς. Εἶναι ἀληθὲς ὅτι ὡς προελέγομεν, προβλέπομεν ὅτι ὁ προϋπολογισμὸς τῶν ἐσόδων θὰ εἶναι πραγματικώτερος καὶ ἐκ τοῦ τελωνιακοῦ δασμοῦ.

Μικρὸν περίσσευμα. Ἀλλ' ὡς ἐκ τούτων τῶν συγκρίσεων ὁ προϋπολογισμὸς τοῦ 1902 παρουσιάζει περίσσευμα ἐκ 139,920 δραχμῶν, ὅπερ εἶναι μὲν μικρόν, ἀλλὰ δεικνύει τὴν προσπάθειαν τῆς κυβερνήσεως πρὸς ἰσοζύγισιν.

Τὸ συμπέρασμα

Τὸ συμπέρασμα. Ἀλλ' ὑπάρχει ἔλλειψις πρὸς τὴν ἐξόφλησιν τῶν χρεῶν κατὰ τὸ 1903, ὅπως παρατηρεῖται διότι ὁ Προϋπολογισμὸς διακανονίζει τὰ ἔσοδα τοῦ Δημοσίου Χρέους. Λέγω καὶ ἐξηγῶ ὅτι αἱ ἀπαιτήσεις τοῦ Κράτους ἐκ τῶν τελωνείων θὰ αὐξηθῶσιν.

Τὸ συμπέρασμα. Ἀλλ' ὑπάρχει ἔλλειψις πρὸς τὴν ἐξόφλησιν τῶν χρεῶν κατὰ τὸ 1903, ὅπως παρατηρεῖται διότι ὁ Προϋπολογισμὸς διακανονίζει τὰ ἔσοδα τοῦ Δημοσίου Χρέους. Λέγω καὶ ἐξηγῶ ὅτι αἱ ἀπαιτήσεις τοῦ Κράτους ἐκ τῶν τελωνείων θὰ αὐξηθῶσιν.

Τὸ περίσσευμα δὲ τοῦτο θέλει καλυφθῆ καὶ διὰ τῶν πιστώσεων ὡς θέλομεν ζητήσει παρὰ τῆς Βουλῆς. Εἶναι ἀληθὲς ὅτι ὡς προελέγομεν, προβλέπομεν ὅτι ὁ προϋπολογισμὸς τῶν ἐσόδων θὰ εἶναι πραγματικώτερος καὶ ἐκ τοῦ τελωνιακοῦ δασμοῦ.

Τὸ συμπέρασμα. Ἀλλ' ὑπάρχει ἔλλειψις πρὸς τὴν ἐξόφλησιν τῶν χρεῶν κατὰ τὸ 1903, ὅπως παρατηρεῖται διότι ὁ Προϋπολογισμὸς διακανονίζει τὰ ἔσοδα τοῦ Δημοσίου Χρέους. Λέγω καὶ ἐξηγῶ ὅτι αἱ ἀπαιτήσεις τοῦ Κράτους ἐκ τῶν τελωνείων θὰ αὐξηθῶσιν.

Μικρὸν περίσσευμα. Ἀλλ' ὡς ἐκ τούτων τῶν συγκρίσεων ὁ προϋπολογισμὸς τοῦ 1902 παρουσιάζει περίσσευμα ἐκ 139,920 δραχμῶν, ὅπερ εἶναι μὲν μικρόν, ἀλλὰ δεικνύει τὴν προσπάθειαν τῆς κυβερνήσεως πρὸς ἰσοζύγισιν.

Τὰ ὑδραυλικά

Ὁ κ. ΣΤΑΗΣ ζητεῖ νὰ καταστῇ γνωστὴ ἡ ἀπόφασις τῆς κυβερνήσεως. Ὁ κ. ΔΙΑΠΙΓΙΑΝΝΗΣ ζητεῖ πληροφορίας περὶ τῆς ἐκτελέσεως τῶν ὑδραυλικῶν ἔργων εἰς τὴν Θεσσαλίαν καὶ περὶ τῆς ἀναγκαστικῆς ἐκτελέσεως τῶν ἀποφάσεων.

Ἡ ἀναγκαστικὴ ἐκτέλεσις

Ὁ κ. ΑΛΕΞΑΚΗΣ λέγει ὅτι τὸ ζήτημα εἶναι σοβαρὸν καὶ ἀπαιτεῖ ἐπιμελῆ μελέτην ἐκ μέρους τῆς ἁρμοδίου ἐπιτροπῆς.

Ὁ κ. ΣΤΑΗΣ ζητεῖ νὰ καταστῇ γνωστὴ ἡ ἀπόφασις τῆς κυβερνήσεως. Ὁ κ. ΔΙΑΠΙΓΙΑΝΝΗΣ ζητεῖ πληροφορίας περὶ τῆς ἐκτελέσεως τῶν ὑδραυλικῶν ἔργων εἰς τὴν Θεσσαλίαν καὶ περὶ τῆς ἀναγκαστικῆς ἐκτελέσεως τῶν ἀποφάσεων.

Τὸ συμπέρασμα. Ἀλλ' ὑπάρχει ἔλλειψις πρὸς τὴν ἐξόφλησιν τῶν χρεῶν κατὰ τὸ 1903, ὅπως παρατηρεῖται διότι ὁ Προϋπολογισμὸς διακανονίζει τὰ ἔσοδα τοῦ Δημοσίου Χρέους. Λέγω καὶ ἐξηγῶ ὅτι αἱ ἀπαιτήσεις τοῦ Κράτους ἐκ τῶν τελωνείων θὰ αὐξηθῶσιν.

Ὁ κ. ΑΛΕΞΑΚΗΣ λέγει ὅτι τὸ ζήτημα εἶναι σοβαρὸν καὶ ἀπαιτεῖ ἐπιμελῆ μελέτην ἐκ μέρους τῆς ἁρμοδίου ἐπιτροπῆς.

Τὸ περίσσευμα δὲ τοῦτο θέλει καλυφθῆ καὶ διὰ τῶν πιστώσεων ὡς θέλομεν ζητήσει παρὰ τῆς Βουλῆς. Εἶναι ἀληθὲς ὅτι ὡς προελέγομεν, προβλέπομεν ὅτι ὁ προϋπολογισμὸς τῶν ἐσόδων θὰ εἶναι πραγματικώτερος καὶ ἐκ τοῦ τελωνιακοῦ δασμοῦ.

Δικαστικὸν ἐπεισόδιον

Ὁ κ. ΑΛΕΞΑΚΗΣ λέγει ὅτι τὸ ζήτημα εἶναι σοβαρὸν καὶ ἀπαιτεῖ ἐπιμελῆ μελέτην ἐκ μέρους τῆς ἁρμοδίου ἐπιτροπῆς.

Ὁ κ. ΣΤΑΗΣ ζητεῖ νὰ καταστῇ γνωστὴ ἡ ἀπόφασις τῆς κυβερνήσεως. Ὁ κ. ΔΙΑΠΙΓΙΑΝΝΗΣ ζητεῖ πληροφορίας περὶ τῆς ἐκτελέσεως τῶν ὑδραυλικῶν ἔργων εἰς τὴν Θεσσαλίαν καὶ περὶ τῆς ἀναγκαστικῆς ἐκτελέσεως τῶν ἀποφάσεων.

Τὸ συμπέρασμα. Ἀλλ' ὑπάρχει ἔλλειψις πρὸς τὴν ἐξόφλησιν τῶν χρεῶν κατὰ τὸ 1903, ὅπως παρατηρεῖται διότι ὁ Προϋπολογισμὸς διακανονίζει τὰ ἔσοδα τοῦ Δημοσίου Χρέους. Λέγω καὶ ἐξηγῶ ὅτι αἱ ἀπαιτήσεις τοῦ Κράτους ἐκ τῶν τελωνείων θὰ αὐξηθῶσιν.

Ὁ κ. ΑΛΕΞΑΚΗΣ λέγει ὅτι τὸ ζήτημα εἶναι σοβαρὸν καὶ ἀπαιτεῖ ἐπιμελῆ μελέτην ἐκ μέρους τῆς ἁρμοδίου ἐπιτροπῆς.

Ὁ κ. ΤΟΠΑΛΗΣ ἀπαντᾷ ὅτι ἔχει ἐγγράφως τὰς ἀπαντήσεις τῆς εἰσηγήσεως. Ὁ κ. ΑΛΕΞΑΚΗΣ ἐπιμένων λέγει ὅτι ἀνάγκη πᾶσα νὰ ληφθῶσιν ὑπ' ὄψιν αἱ παρατηρήσεις τῶν βουλευτῶν τῆς ἀντιπολιτεύσεως.

Ὁ κ. ΡΟΔΟΠΟΥΛΟΣ ὑποστηρίζει ὅτι ἡ αὔξησις τῶν δαπανῶν εἶναι δικαιολογημένη. Ὁ κ. ΑΥΜΠΡΙΤΗΣ ζητεῖ τὸν λόγον ἐπὶ τῆς διατάξεως. Ὁ κ. ΚΟΥΜΟΥΝΔΟΥΡΟΣ συνιστᾷ νὰ ἀναβληθῇ ἡ συζήτησις.

Ὁ κ. ΤΟΠΑΛΗΣ ἀπαντᾷ ὅτι ἔχει ἐγγράφως τὰς ἀπαντήσεις τῆς εἰσηγήσεως. Ὁ κ. ΑΛΕΞΑΚΗΣ ἐπιμένων λέγει ὅτι ἀνάγκη πᾶσα νὰ ληφθῶσιν ὑπ' ὄψιν αἱ παρατηρήσεις τῶν βουλευτῶν τῆς ἀντιπολιτεύσεως.

Ὁ κ. ΡΟΔΟΠΟΥΛΟΣ ὑποστηρίζει ὅτι ἡ αὔξησις τῶν δαπανῶν εἶναι δικαιολογημένη. Ὁ κ. ΑΥΜΠΡΙΤΗΣ ζητεῖ τὸν λόγον ἐπὶ τῆς διατάξεως. Ὁ κ. ΚΟΥΜΟΥΝΔΟΥΡΟΣ συνιστᾷ νὰ ἀναβληθῇ ἡ συζήτησις.

Ὁ κ. ΤΟΠΑΛΗΣ ἀπαντᾷ ὅτι ἔχει ἐγγράφως τὰς ἀπαντήσεις τῆς εἰσηγήσεως. Ὁ κ. ΑΛΕΞΑΚΗΣ ἐπιμένων λέγει ὅτι ἀνάγκη πᾶσα νὰ ληφθῶσιν ὑπ' ὄψιν αἱ παρατηρήσεις τῶν βουλευτῶν τῆς ἀντιπολιτεύσεως.

Ὁ κ. ΡΟΔΟΠΟΥΛΟΣ ὑποστηρίζει ὅτι ἡ αὔξησις τῶν δαπανῶν εἶναι δικαιολογημένη. Ὁ κ. ΑΥΜΠΡΙΤΗΣ ζητεῖ τὸν λόγον ἐπὶ τῆς διατάξεως. Ὁ κ. ΚΟΥΜΟΥΝΔΟΥΡΟΣ συνιστᾷ νὰ ἀναβληθῇ ἡ συζήτησις.

Ὁ κ. ΤΟΠΑΛΗΣ ἀπαντᾷ ὅτι ἔχει ἐγγράφως τὰς ἀπαντήσεις τῆς εἰσηγήσεως. Ὁ κ. ΑΛΕΞΑΚΗΣ ἐπιμένων λέγει ὅτι ἀνάγκη πᾶσα νὰ ληφθῶσιν ὑπ' ὄψιν αἱ παρατηρήσεις τῶν βουλευτῶν τῆς ἀντιπολιτεύσεως.

Ἡ εἰσήγησις ἠνάγκασε τοὺς βουλευτὰς νὰ συζητήσωσιν ἐκτενῶς. Ὁ κ. ΤΡΙΑΝΤΑΦΥΛΛΑΚΟΣ λέγει ὅτι ἡ συζήτησις πρέπει νὰ διεξαχθῇ ἐν πλήρει γνώσει τῶν ἀριθμῶν. Ὁ κ. ΚΟΥΜΟΥΝΔΟΥΡΟΣ λέγει ὅτι τὸν ἐνδιαφέρει ἡ ταχεῖα ψήφισις τοῦ προϋπολογισμοῦ.

Ἡ εἰσήγησις ἠνάγκασε τοὺς βουλευτὰς νὰ συζητήσωσιν ἐκτενῶς. Ὁ κ. ΤΡΙΑΝΤΑΦΥΛΛΑΚΟΣ λέγει ὅτι ἡ συζήτησις πρέπει νὰ διεξαχθῇ ἐν πλήρει γνώσει τῶν ἀριθμῶν. Ὁ κ. ΚΟΥΜΟΥΝΔΟΥΡΟΣ λέγει ὅτι τὸν ἐνδιαφέρει ἡ ταχεῖα ψήφισις τοῦ προϋπολογισμοῦ.

Ἡμερησία Διάταξις

Ἡμερησία Διάταξις. Ἐπὶ τοῦ νομοσχεδίου περὶ χωρίσεως τῆς ἐπαρχίας Σπάρτης συνεζήτησαν οἱ κ. κ. Γρηγοράκης, Καρπάτης, Δεληγιώργης καὶ ἄλλοι βουλευταί. Ἡ Βουλὴ ἐνέκρινε τὸ νομοσχέδιον κατ' ἀρχὴν καὶ ἀνέβαλε τὴν κατ' ἄρθρον συζήτησιν.

Ἡμερησία Διάταξις. Ἐπὶ τοῦ νομοσχεδίου περὶ χωρίσεως τῆς ἐπαρχίας Σπάρτης συνεζήτησαν οἱ κ. κ. Γρηγοράκης, Καρπάτης, Δεληγιώργης καὶ ἄλλοι βουλευταί. Ἡ Βουλὴ ἐνέκρινε τὸ νομοσχέδιον κατ' ἀρχὴν καὶ ἀνέβαλε τὴν κατ' ἄρθρον συζήτησιν.

ΕΙΔΗΣΕΙΣ ΤΗΣ ΗΜΕΡΑΣ
ΟΙ ΝΑΥΤΙΚΟΙ ΕΞΟΠΛΙΣΜΟΙ
ΤΗΣ ΙΤΑΛΙΑΣ

ΡΩΜΗ, 26 Ἰανουαρίου.

Ἡ ΡΩΜΗ. Τὸ ὑπουργεῖον τῶν Ναυτικῶν ἐξέδωκεν ὅτι ἡ διευκρίνησις κατέστη ἀναγκαία ἕνεκα τῆς ἀναπτύξεως τοῦ ναυτικοῦ τῶν λοιπῶν δυνάμεων καὶ ὅτι ἀποφασίσθη ἡ ναυπήγησις νέων θωρηκτῶν καὶ ἀντιτορπιλλικῶν διὰ τὸν στόλον τῆς Μεσογείου.

(Ἐθν. Πρακτ.)

ΓΕΡΜΑΝΟΡΩΣΣΙΚΑΙ ΣΥΝΕΝΝΟΗΣΕΙΣ

Ἡ Διεθνὴς ἐφημερὶς ἀγγέλλει ὅτι διὰ τοῦ τελευταίου ἐπεισοδίου αἱ δύο κυβερνήσεις ἐξηκολούθησαν τὰς διαπραγματεύσεις περὶ τῆς ἀνανεώσεως τῆς ἐμπορικῆς συμβάσεως.

(Ἐθν. Πρακτ.)

Ἡ ΠΑΝΩΛΗΣ

Κατὰ τὰ ἐπίσημα τηλεγραφήματα εἰς τὴν Τάντην ἐγένοντο δύο θάνατοι ἐκ πανώλους, εἷς δὲ εἰς Ἀδουρίρ.

ΤΑ ΚΛΗΡΟΔΟΤΗΜΑΤΑ
ΒΑΛΛΙΑΝΟΥ

Ἡ πρὸς τὸ Ἔθνος μεγάλη δωρεά. Κατὰ τὰς πληροφορίας μας, κατὰ τὰς διαθήκας τοῦ μακαρίτου Παναγῆ Βαλλιάνου διανέμονται τὰ ἑξῆς ποσὰ εἰς τοὺς κληρονόμους καὶ τὰ φιλανθρωπικὰ ἱδρύματα.

Ἡ πρὸς τὸ Ἔθνος μεγάλη δωρεά. Κατὰ τὰς πληροφορίας μας, κατὰ τὰς διαθήκας τοῦ μακαρίτου Παναγῆ Βαλλιάνου διανέμονται τὰ ἑξῆς ποσὰ εἰς τοὺς κληρονόμους καὶ τὰ φιλανθρωπικὰ ἱδρύματα.

Τῇ κ. Ἀθαν. Μαρίᾳ Βαλλιάνου	400,000
Τῷ κ. Βασιλείῳ Βαλλιάνῳ	200,000
Τῷ κ. Ἀθανασίῳ Βαλλιάνῳ	200,000
Τῷ κ. Παναγῆ Βαλλιάνῳ	200,000
Τῷ κ. Ἀθανασίῳ Βαλλιάνῳ	200,000
Τῷ κ. Χριστοφόρῳ Βαλλιάνῳ	200,000
Τῷ κ. Ἀθανασίῳ Βαλλιάνῳ	200,000
Τῷ κ. Ἀθανασίῳ Ρωσσάλῳ	200,000
Τῷ κ. Λουκᾷ Ρωσσάλῳ	200,000
Τῷ κ. Γρηγορίῳ Καρπάτῃ	75,000
λ.στ.2,275,000
400,000

Ἡ πρὸς τὸ Ἔθνος μεγάλη δωρεά. Κατὰ τὰς πληροφορίας μας, κατὰ τὰς διαθήκας τοῦ μακαρίτου Παναγῆ Βαλλιάνου διανέμονται τὰ ἑξῆς ποσὰ εἰς τοὺς κληρονόμους καὶ τὰ φιλανθρωπικὰ ἱδρύματα.

1,825,000
5,000,000
Ο ΠΑΠΠΑΣ ΤΩΝ ΠΑΤΗΣΙΩΝ

Ἐκ τούτων ἡ ὑπόθεσις τοῦ Παπᾶ τῶν Πατησίων ἐξετάζεται ὑπὸ τῆς Ἱερᾶς Συνόδου, ἥτις ἀπεφάσισε νὰ καλέσῃ τὸν ἱερέα εἰς ἀπολογίαν. Ἡ ὑπόθεσις ἐδημιούργησε μεγάλην συγκίνησιν εἰς τοὺς ἐνορίτας.

Ο ΔΙΑΔΟΧΟΣ
ΤΗΣ ΑΥΣΤΡΙΑΣ
ΕΝ ΠΕΤΡΟΥΠΟΛΕΙ

ΠΕΤΡΟΥΠΟΛΙΣ, 23 Ἰανουαρίου.

Ὁ διάδοχος τῆς Αὐστρίας ἀφίχθη εἰς Πετρούπολιν ὅπου ἐγένετο δεκτὸς ὑπὸ τοῦ Αὐτοκράτορος μετὰ πάσης ἐπισημότητος. Ἡ ἐπίσκεψις αὕτη θεωρεῖται ὡς σημεῖον στενωτέρων σχέσεων μεταξὺ τῶν δύο αὐτοκρατοριῶν.

(Ἐθν. Πρακτ.)

ΤΟ ΟΘΩΜΑΝΙΚΟΝ ΧΡΕΟΣ

ΚΩΝ/ΠΟΛΙΣ, 29 Ἰανουαρίου.

Ἡ μεταφορὰ τοῦ χρέους γενήσεται διὰ τῆς Ὀθωμανικῆς Τραπέζης κατὰ τὸ 1903.

Η ΕΝΩΣΙΣ
ΤΩΝ ΣΙΔΗΡΟΔΡΟΜΩΝ
ΕΝ ΠΥΡΓΩ

Ἡ ἀπόφασις τῆς ἐπιτροπῆς τοῦ Ἐμπορικοῦ Συλλόγου Πύργου — Ἡ συνδιάσκεψις εἰς τὴν Βουλήν. Ὡς προανηγγείλαμεν, ἀφίκετο ἐνταῦθα ἐπιτροπὴ τοῦ Ἐμπορικοῦ Συλλόγου Πύργου, ἀποτελουμένη ἐκ τῶν κ. κ. Σιμοπούλου καὶ λοιπῶν, ἵνα ὑποβάλῃ τὰς ἀπόψεις αὐτῆς περὶ τῆς ἑνώσεως τῶν σιδηροδρόμων.

Ἡ ἐπιτροπὴ ἐπεσκέφθη τὸν Πρωθυπουργὸν καὶ τὸν ὑπουργὸν τῶν Οἰκονομικῶν, πρὸς οὓς ἐξέθηκε τὰ αἰτήματα τοῦ συλλόγου, ζητοῦσα τὴν ταχεῖαν ἐπίλυσιν τοῦ ζητήματος πρὸς ὄφελος τοῦ ἐμπορίου τῆς περιφερείας.

Ἡ ἀπόφασις τῆς ἐπιτροπῆς τοῦ Ἐμπορικοῦ Συλλόγου Πύργου — Ἡ συνδιάσκεψις εἰς τὴν Βουλήν. Ὡς προανηγγείλαμεν, ἀφίκετο ἐνταῦθα ἐπιτροπὴ τοῦ Ἐμπορικοῦ Συλλόγου Πύργου, ἀποτελουμένη ἐκ τῶν κ. κ. Σιμοπούλου καὶ λοιπῶν, ἵνα ὑποβάλῃ τὰς ἀπόψεις αὐτῆς περὶ τῆς ἑνώσεως τῶν σιδηροδρόμων.

Ἡ ἐπιτροπὴ ἐπεσκέφθη τὸν Πρωθυπουργὸν καὶ τὸν ὑπουργὸν τῶν Οἰκονομικῶν, πρὸς οὓς ἐξέθηκε τὰ αἰτήματα τοῦ συλλόγου, ζητοῦσα τὴν ταχεῖαν ἐπίλυσιν τοῦ ζητήματος πρὸς ὄφελος τοῦ ἐμπορίου τῆς περιφερείας.

Ἡ ἀπόφασις τῆς ἐπιτροπῆς τοῦ Ἐμπορικοῦ Συλλόγου Πύργου — Ἡ συνδιάσκεψις εἰς τὴν Βουλήν. Ὡς προανηγγείλαμεν, ἀφίκετο ἐνταῦθα ἐπιτροπὴ τοῦ Ἐμπορικοῦ Συλλόγου Πύργου, ἀποτελουμένη ἐκ τῶν κ. κ. Σιμοπούλου καὶ λοιπῶν, ἵνα ὑποβάλῃ τὰς ἀπόψεις αὐτῆς περὶ τῆς ἑνώσεως τῶν σιδηροδρόμων.

Ἡ ἐπιτροπὴ ἐπεσκέφθη τὸν Πρωθυπουργὸν καὶ τὸν ὑπουργὸν τῶν Οἰκονομικῶν, πρὸς οὓς ἐξέθηκε τὰ αἰτήματα τοῦ συλλόγου, ζητοῦσα τὴν ταχεῖαν ἐπίλυσιν τοῦ ζητήματος πρὸς ὄφελος τοῦ ἐμπορίου τῆς περιφερείας.

Ἄλλαι παρουσιάσεις

Ἡ ἐπιτροπὴ ἐπεσκέφθη τὸν Πρωθυπουργὸν καὶ τὸν ὑπουργὸν τῶν Οἰκονομικῶν, πρὸς οὓς ἐξέθηκε τὰ αἰτήματα τοῦ συλλόγου, ζητοῦσα τὴν ταχεῖαν ἐπίλυσιν τοῦ ζητήματος πρὸς ὄφελος τοῦ ἐμπορίου τῆς περιφερείας.

Ἡ ἀπόφασις τῆς ἐπιτροπῆς τοῦ Ἐμπορικοῦ Συλλόγου Πύργου — Ἡ συνδιάσκεψις εἰς τὴν Βουλήν. Ὡς προανηγγείλαμεν, ἀφίκετο ἐνταῦθα ἐπιτροπὴ τοῦ Ἐμπορικοῦ Συλλόγου Πύργου, ἀποτελουμένη ἐκ τῶν κ. κ. Σιμοπούλου καὶ λοιπῶν, ἵνα ὑποβάλῃ τὰς ἀπόψεις αὐτῆς περὶ τῆς ἑνώσεως τῶν σιδηροδρόμων.

Ἡ ἐπιτροπὴ ἐπεσκέφθη τὸν Πρωθυπουργὸν καὶ τὸν ὑπουργὸν τῶν Οἰκονομικῶν, πρὸς οὓς ἐξέθηκε τὰ αἰτήματα τοῦ συλλόγου, ζητοῦσα τὴν ταχεῖαν ἐπίλυσιν τοῦ ζητήματος πρὸς ὄφελος τοῦ ἐμπορίου τῆς περιφερείας.

Ἡ ἀπόφασις τῆς ἐπιτροπῆς τοῦ Ἐμπορικοῦ Συλλόγου Πύργου — Ἡ συνδιάσκεψις εἰς τὴν Βουλήν. Ὡς προανηγγείλαμεν, ἀφίκετο ἐνταῦθα ἐπιτροπὴ τοῦ Ἐμπορικοῦ Συλλόγου Πύργου, ἀποτελουμένη ἐκ τῶν κ. κ. Σιμοπούλου καὶ λοιπῶν, ἵνα ὑποβάλῃ τὰς ἀπόψεις αὐτῆς περὶ τῆς ἑνώσεως τῶν σιδηροδρόμων.

Παρὰ τῷ κ. Σιμοπούλῳ

Ἡ ἐπιτροπὴ ἐπεσκέφθη τὸν Πρωθυπουργὸν καὶ τὸν ὑπουργὸν τῶν Οἰκονομικῶν, πρὸς οὓς ἐξέθηκε τὰ αἰτήματα τοῦ συλλόγου, ζητοῦσα τὴν ταχεῖαν ἐπίλυσιν τοῦ ζητήματος πρὸς ὄφελος τοῦ ἐμπορίου τῆς περιφερείας.

Ἡ ἀπόφασις τῆς ἐπιτροπῆς τοῦ Ἐμπορικοῦ Συλλόγου Πύργου — Ἡ συνδιάσκεψις εἰς τὴν Βουλήν. Ὡς προανηγγείλαμεν, ἀφίκετο ἐνταῦθα ἐπιτροπὴ τοῦ Ἐμπορικοῦ Συλλόγου Πύργου, ἀποτελουμένη ἐκ τῶν κ. κ. Σιμοπούλου καὶ λοιπῶν, ἵνα ὑποβάλῃ τὰς ἀπόψεις αὐτῆς περὶ τῆς ἑνώσεως τῶν σιδηροδρόμων.
